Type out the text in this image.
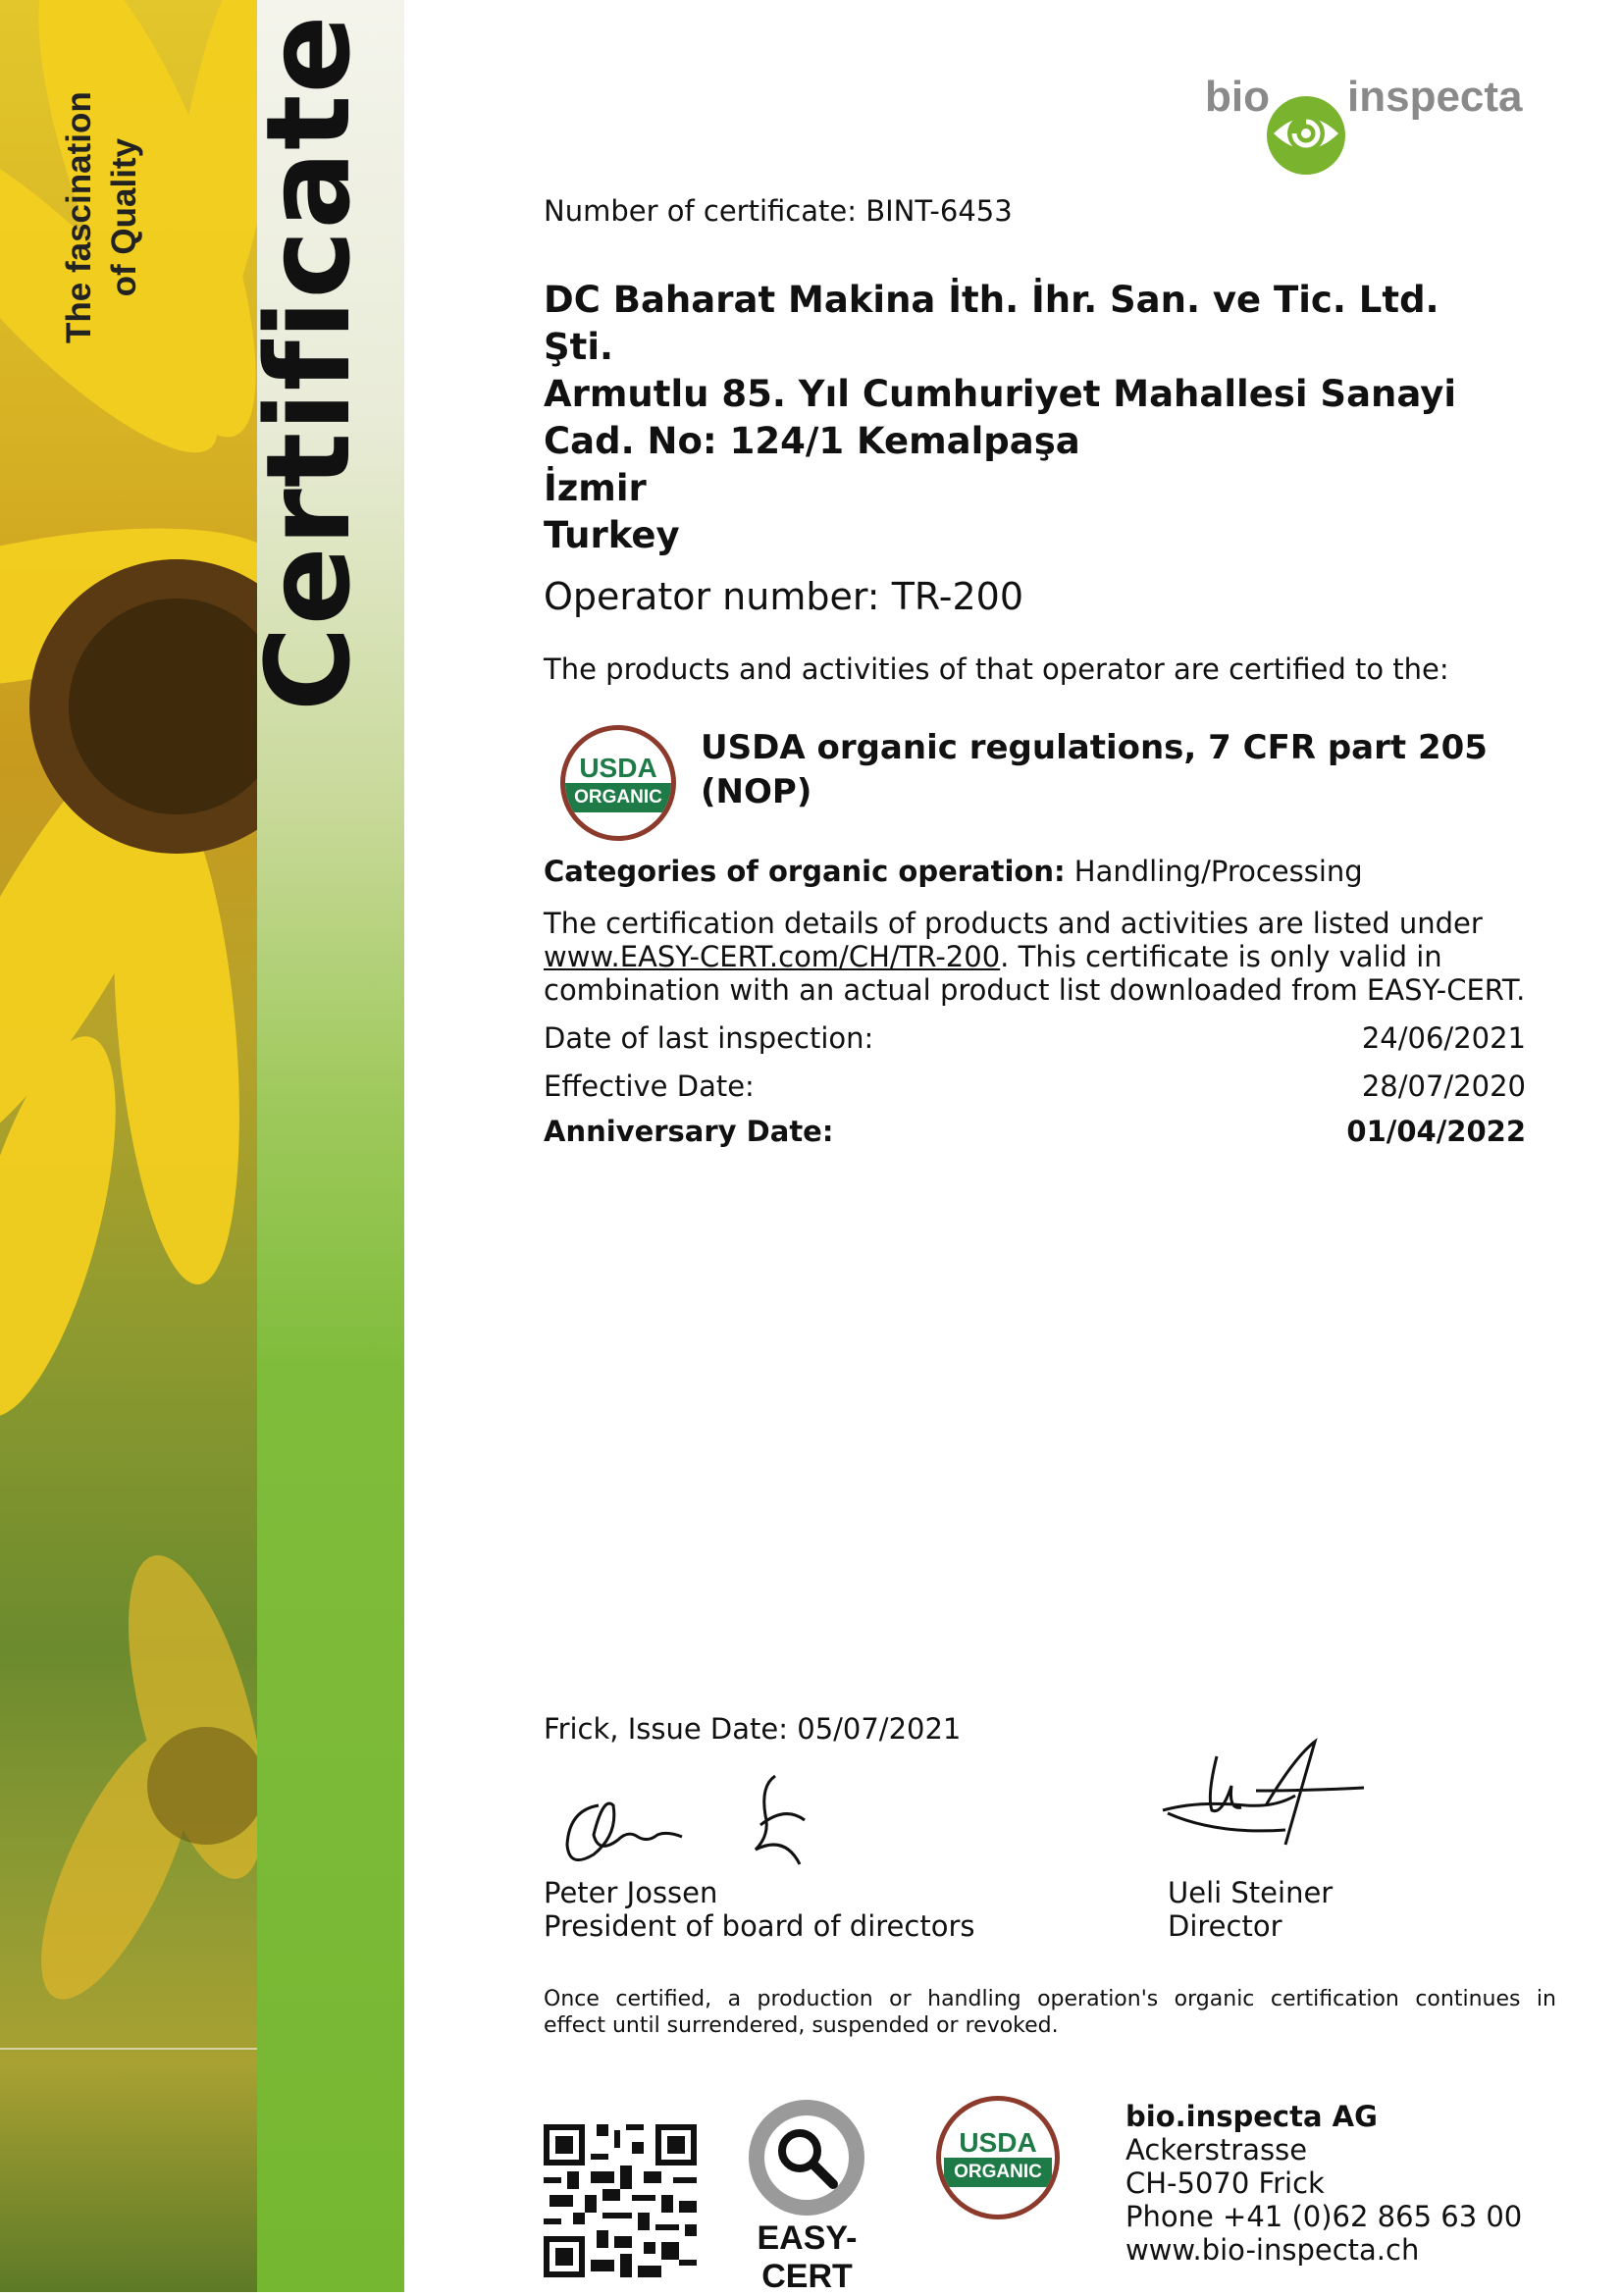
Certificate
The fascination of Quality
bio inspecta
Number of certificate: BINT-6453
DC Baharat Makina İth. İhr. San. ve Tic. Ltd.
Şti.
Armutlu 85. Yıl Cumhuriyet Mahallesi Sanayi
Cad. No: 124/1 Kemalpaşa
İzmir
Turkey
Operator number: TR-200
The products and activities of that operator are certified to the:
USDA
ORGANIC
USDA organic regulations, 7 CFR part 205
(NOP)
Categories of organic operation: Handling/Processing
The certification details of products and activities are listed under
www.EASY-CERT.com/CH/TR-200. This certificate is only valid in
combination with an actual product list downloaded from EASY-CERT.
Date of last inspection:	24/06/2021
Effective Date:	28/07/2020
Anniversary Date:	01/04/2022
Frick, Issue Date: 05/07/2021
Peter Jossen
President of board of directors
Ueli Steiner
Director
Once certified, a production or handling operation's organic certification continues in
effect until surrendered, suspended or revoked.
EASY-CERT
USDA
ORGANIC
bio.inspecta AG
Ackerstrasse
CH-5070 Frick
Phone +41 (0)62 865 63 00
www.bio-inspecta.ch
